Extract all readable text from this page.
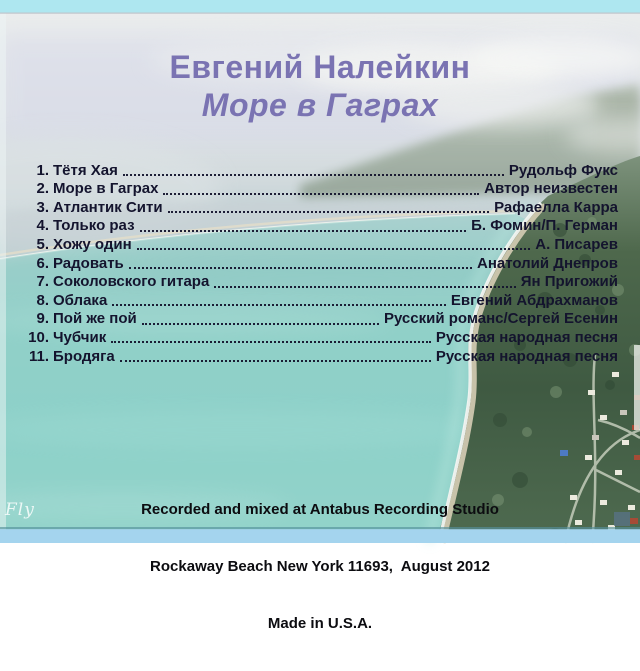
Евгений Налейкин
Море в Гаграх
1. Тётя Хая	Рудольф Фукс
2. Море в Гаграх	Автор неизвестен
3. Атлантик Сити	Рафаелла Карра
4. Только раз	Б. Фомин/П. Герман
5. Хожу один	А. Писарев
6. Радовать	Анатолий Днепров
7. Соколовского гитара	Ян Пригожий
8. Облака	Евгений Абдрахманов
9. Пой же пой	Русский романс/Сергей Есенин
10. Чубчик	Русская народная песня
11. Бродяга	Русская народная песня

Recorded and mixed at Antabus Recording Studio

Rockaway Beach New York 11693,  August 2012

Made in U.S.A.

Fly
